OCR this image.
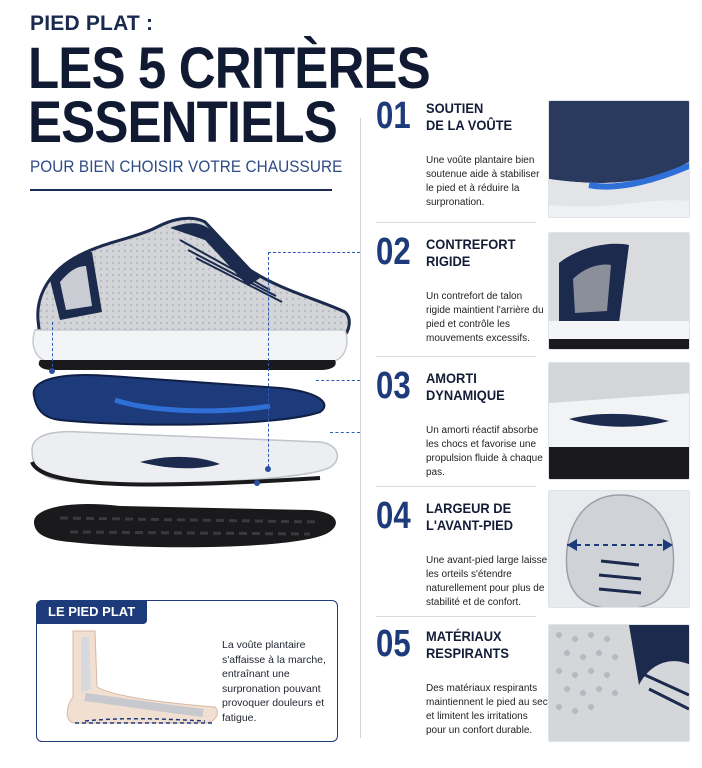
PIED PLAT :
LES 5 CRITÈRES
ESSENTIELS
POUR BIEN CHOISIR VOTRE CHAUSSURE
01 SOUTIEN
DE LA VOÛTE
Une voûte plantaire bien soutenue aide à stabiliser le pied et à réduire la surpronation.
02 CONTREFORT
RIGIDE
Un contrefort de talon rigide maintient l'arrière du pied et contrôle les mouvements excessifs.
03 AMORTI
DYNAMIQUE
Un amorti réactif absorbe les chocs et favorise une propulsion fluide à chaque pas.
04 LARGEUR DE
L'AVANT-PIED
Une avant-pied large laisse les orteils s'étendre naturellement pour plus de stabilité et de confort.
05 MATÉRIAUX
RESPIRANTS
Des matériaux respirants maintiennent le pied au sec et limitent les irritations pour un confort durable.
LE PIED PLAT
La voûte plantaire s'affaisse à la marche, entraînant une surpronation pouvant provoquer douleurs et fatigue.
